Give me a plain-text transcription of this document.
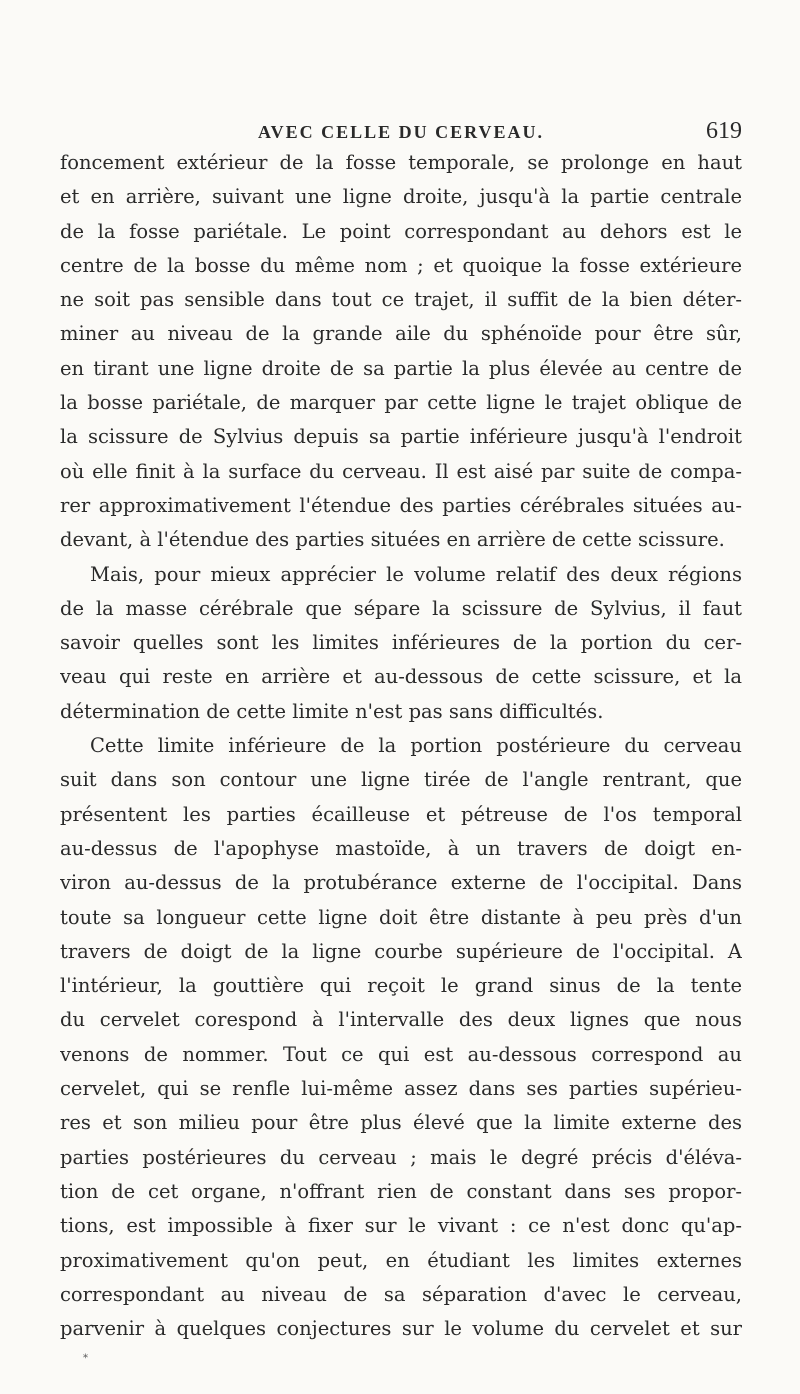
AVEC CELLE DU CERVEAU.	619
foncement extérieur de la fosse temporale, se prolonge en haut
et en arrière, suivant une ligne droite, jusqu'à la partie centrale
de la fosse pariétale. Le point correspondant au dehors est le
centre de la bosse du même nom ; et quoique la fosse extérieure
ne soit pas sensible dans tout ce trajet, il suffit de la bien déter-
miner au niveau de la grande aile du sphénoïde pour être sûr,
en tirant une ligne droite de sa partie la plus élevée au centre de
la bosse pariétale, de marquer par cette ligne le trajet oblique de
la scissure de Sylvius depuis sa partie inférieure jusqu'à l'endroit
où elle finit à la surface du cerveau. Il est aisé par suite de compa-
rer approximativement l'étendue des parties cérébrales situées au-
devant, à l'étendue des parties situées en arrière de cette scissure.
Mais, pour mieux apprécier le volume relatif des deux régions
de la masse cérébrale que sépare la scissure de Sylvius, il faut
savoir quelles sont les limites inférieures de la portion du cer-
veau qui reste en arrière et au-dessous de cette scissure, et la
détermination de cette limite n'est pas sans difficultés.
Cette limite inférieure de la portion postérieure du cerveau
suit dans son contour une ligne tirée de l'angle rentrant, que
présentent les parties écailleuse et pétreuse de l'os temporal
au-dessus de l'apophyse mastoïde, à un travers de doigt en-
viron au-dessus de la protubérance externe de l'occipital. Dans
toute sa longueur cette ligne doit être distante à peu près d'un
travers de doigt de la ligne courbe supérieure de l'occipital. A
l'intérieur, la gouttière qui reçoit le grand sinus de la tente
du cervelet corespond à l'intervalle des deux lignes que nous
venons de nommer. Tout ce qui est au-dessous correspond au
cervelet, qui se renfle lui-même assez dans ses parties supérieu-
res et son milieu pour être plus élevé que la limite externe des
parties postérieures du cerveau ; mais le degré précis d'éléva-
tion de cet organe, n'offrant rien de constant dans ses propor-
tions, est impossible à fixer sur le vivant : ce n'est donc qu'ap-
proximativement qu'on peut, en étudiant les limites externes
correspondant au niveau de sa séparation d'avec le cerveau,
parvenir à quelques conjectures sur le volume du cervelet et sur
*
